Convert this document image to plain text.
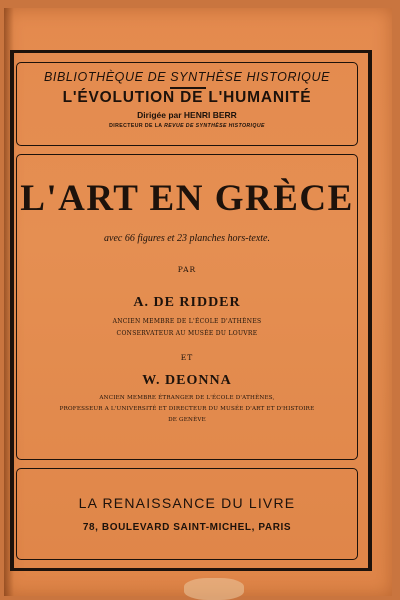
BIBLIOTHÈQUE DE SYNTHÈSE HISTORIQUE
L'ÉVOLUTION DE L'HUMANITÉ
Dirigée par HENRI BERR
DIRECTEUR DE LA REVUE DE SYNTHÈSE HISTORIQUE
L'ART EN GRÈCE
avec 66 figures et 23 planches hors-texte.
PAR
A. DE RIDDER
ANCIEN MEMBRE DE L'ÉCOLE D'ATHÈNES
CONSERVATEUR AU MUSÉE DU LOUVRE
ET
W. DEONNA
ANCIEN MEMBRE ÉTRANGER DE L'ÉCOLE D'ATHÈNES,
PROFESSEUR A L'UNIVERSITÉ ET DIRECTEUR DU MUSÉE D'ART ET D'HISTOIRE
DE GENÈVE
LA RENAISSANCE DU LIVRE
78, BOULEVARD SAINT-MICHEL, PARIS
